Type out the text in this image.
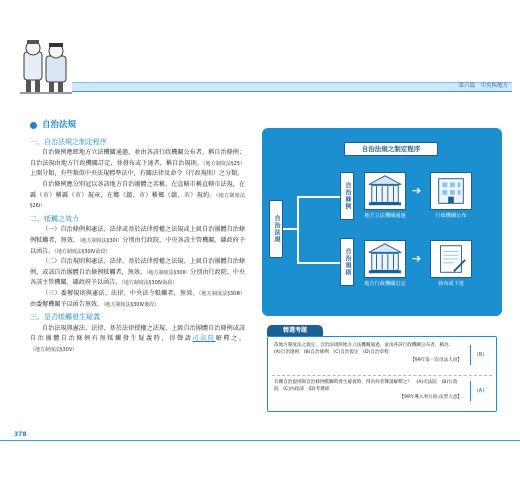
第六篇　中央與地方
自治法規
一、自治法規之制定程序
自治條例應經地方立法機關通過，並由各該行政機關公布者，稱自治條例；自治法規由地方行政機關訂定，並發布或下達者，稱自治規則。（地方制度法§25）上開分類，有些類似中央法規標準法中，有關法律及命令（行政規則）之分類。
自治條例應分別冠以各該地方自治團體之名稱，在直轄市稱直轄市法規，在縣（市）稱縣（市）規章，在鄉（鎮、市）稱鄉（鎮、市）規約。（地方制度法§26Ⅰ）
二、牴觸之效力
（一）自治條例與憲法、法律或基於法律授權之法規或上級自治團體自治條例牴觸者，無效。（地方制度法§30Ⅰ）分別由行政院、中央各該主管機關、縣政府予以函告。（地方制度法§30Ⅳ前段）
（二）自治規則與憲法、法律、基於法律授權之法規、上級自治團體自治條例，或該自治團體自治條例牴觸者，無效。（地方制度法§30Ⅱ）分別由行政院、中央各該主管機關、縣政府予以函告。（地方制度法§30Ⅳ前段）
（三）委辦規則與憲法、法律、中央法令牴觸者，無效。（地方制度法§30Ⅲ）由委辦機關予以函告無效。（地方制度法§30Ⅳ後段）
三、是否牴觸發生疑義
自治法規與憲法、法律、基於法律授權之法規、上級自治團體自治條例或該自治團體自治條例有無牴觸發生疑義時，得聲請司法院解釋之。（地方制度法§30Ⅴ）
自治法規之制定程序
自治法規
自治條例
自治規則
➔
地方立法機關通過	行政機關公布
➔
地方行政機關訂定	發布或下達
精選考題
依地方制度法之規定，自治法規經地方立法機關通過，並由各該行政機關公布者，稱為：　(A)自治規則　(B)自治條例　(C)自治規定　(D)自治章程
【99年第一次司法人員】
(B)
有關自治規則與自治條例牴觸時發生疑義時，得向何者聲請解釋之？　(A)司法院　(B)行政院　(C)內政部　(D)考選部
【99年導入事行政-法學大意】
(A)
378
